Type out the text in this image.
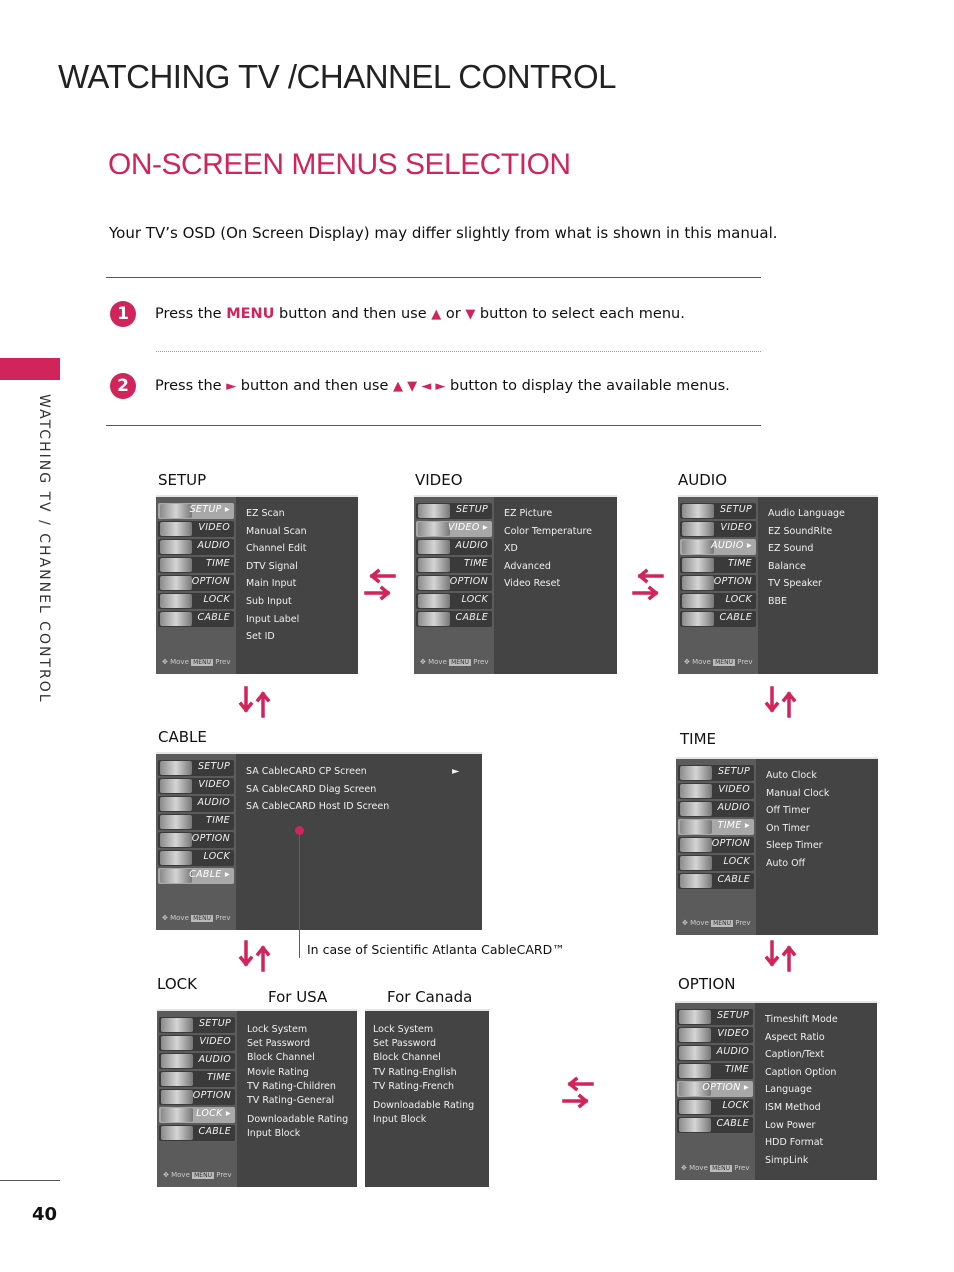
WATCHING TV /CHANNEL CONTROL
ON-SCREEN MENUS SELECTION
Your TV’s OSD (On Screen Display) may differ slightly from what is shown in this manual.
WATCHING TV / CHANNEL CONTROL
40
1	Press the MENU button and then use ▲ or ▼ button to select each menu.
2	Press the ► button and then use ▲ ▼ ◄ ► button to display the available menus.
SETUP	VIDEO	AUDIO
CABLE	TIME
LOCK
For USA	For Canada
OPTION
SETUP ▸
VIDEO
AUDIO
TIME
OPTION
LOCK
CABLE
✥ Move MENU Prev
EZ Scan
Manual Scan
Channel Edit
DTV Signal
Main Input
Sub Input
Input Label
Set ID
SETUP
VIDEO ▸
AUDIO
TIME
OPTION
LOCK
CABLE
✥ Move MENU Prev
EZ Picture
Color Temperature
XD
Advanced
Video Reset
SETUP
VIDEO
AUDIO ▸
TIME
OPTION
LOCK
CABLE
✥ Move MENU Prev
Audio Language
EZ SoundRite
EZ Sound
Balance
TV Speaker
BBE
SETUP
VIDEO
AUDIO
TIME
OPTION
LOCK
CABLE ▸
✥ Move MENU Prev
SA CableCARD CP Screen
SA CableCARD Diag Screen
SA CableCARD Host ID Screen
SETUP
VIDEO
AUDIO
TIME ▸
OPTION
LOCK
CABLE
✥ Move MENU Prev
Auto Clock
Manual Clock
Off Timer
On Timer
Sleep Timer
Auto Off
SETUP
VIDEO
AUDIO
TIME
OPTION
LOCK ▸
CABLE
✥ Move MENU Prev
Lock System
Set Password
Block Channel
Movie Rating
TV Rating-Children
TV Rating-General
Downloadable Rating
Input Block
Lock System
Set Password
Block Channel
TV Rating-English
TV Rating-French
Downloadable Rating
Input Block
SETUP
VIDEO
AUDIO
TIME
OPTION ▸
LOCK
CABLE
✥ Move MENU Prev
Timeshift Mode
Aspect Ratio
Caption/Text
Caption Option
Language
ISM Method
Low Power
HDD Format
SimpLink
►
In case of Scientific Atlanta CableCARD™
